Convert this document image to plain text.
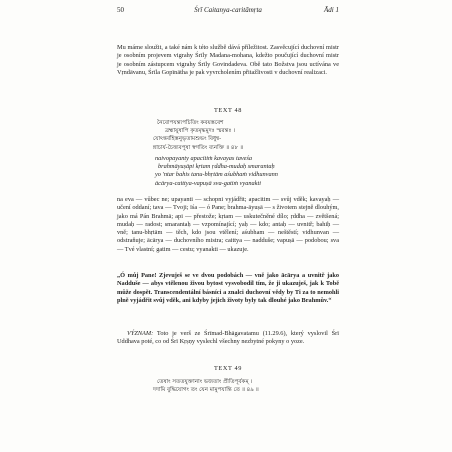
50	Śrī Caitanya-caritāmṛta	Ādi 1

Mu máme sloužit, a také nám k této službě dává příležitost. Zasvěcující duchovní mistr je osobním projevem vigrahy Śrīly Madana-mohana, kdežto poučující duchovní mistr je osobním zástupcem vigrahy Śrīly Govindadeva. Obě tato Božstva jsou uctívána ve Vṛndāvanu, Śrīla Gopīnātha je pak vyvrcholením přitažlivosti v duchovní realizaci.

TEXT 48

নৈবোপযন্ত্যপচিতিং কবয়স্তবেশ
ব্রহ্মায়ুষাপি কৃতমৃদ্ধমুদঃ স্মরন্তঃ ।
যোঽন্তর্বহিস্তনুভৃতামশুভং বিধুন্ব-
ন্নাচার্য-চৈত্ত্যবপুষা স্বগতিং ব্যনক্তি ॥ ৪৮ ॥
naivopayanty apacitiṁ kavayas taveśa
brahmāyuṣāpi kṛtam ṛddha-mudaḥ smarantaḥ
yo 'ntar bahis tanu-bhṛtām aśubhaṁ vidhunvann
ācārya-caittya-vapuṣā sva-gatiṁ vyanakti

na eva — vůbec ne; upayanti — schopni vyjádřit; apacitim — svůj vděk; kavayaḥ — učení oddaní; tava — Tvoji; īśa — ó Pane; brahma-āyuṣā — s životem stejně dlouhým, jako má Pán Brahmā; api — přestože; kṛtam — uskutečněné dílo; ṛddha — zvětšená; mudaḥ — radost; smarantaḥ — vzpomínající; yaḥ — kdo; antaḥ — uvnitř; bahiḥ — vně; tanu-bhṛtām — těch, kdo jsou vtělení; aśubham — neštěstí; vidhunvan — odstraňuje; ācārya — duchovního mistra; caittya — nadduše; vapuṣā — podobou; sva — Tvé vlastní; gatim — cestu; vyanakti — ukazuje.

„Ó můj Pane! Zjevuješ se ve dvou podobách — vně jako ācārya a uvnitř jako Nadduše — abys vtělenou živou bytost vysvobodil tím, že ji ukazuješ, jak k Tobě může dospět. Transcendentální básníci a znalci duchovní vědy by Ti za to nemohli plně vyjádřit svůj vděk, ani kdyby jejich životy byly tak dlouhé jako Brahmův.“

VÝZNAM: Toto je verš ze Śrīmad-Bhāgavatamu (11.29.6), který vyslovil Śrī Uddhava poté, co od Śrī Kṛṣṇy vyslechl všechny nezbytné pokyny o yoze.

TEXT 49

তেষাং সততযুক্তানাং ভজতাং প্রীতিপূর্বকম্ ।
দদামি বুদ্ধিযোগং তং যেন মামুপযান্তি তে ॥ ৪৯ ॥
